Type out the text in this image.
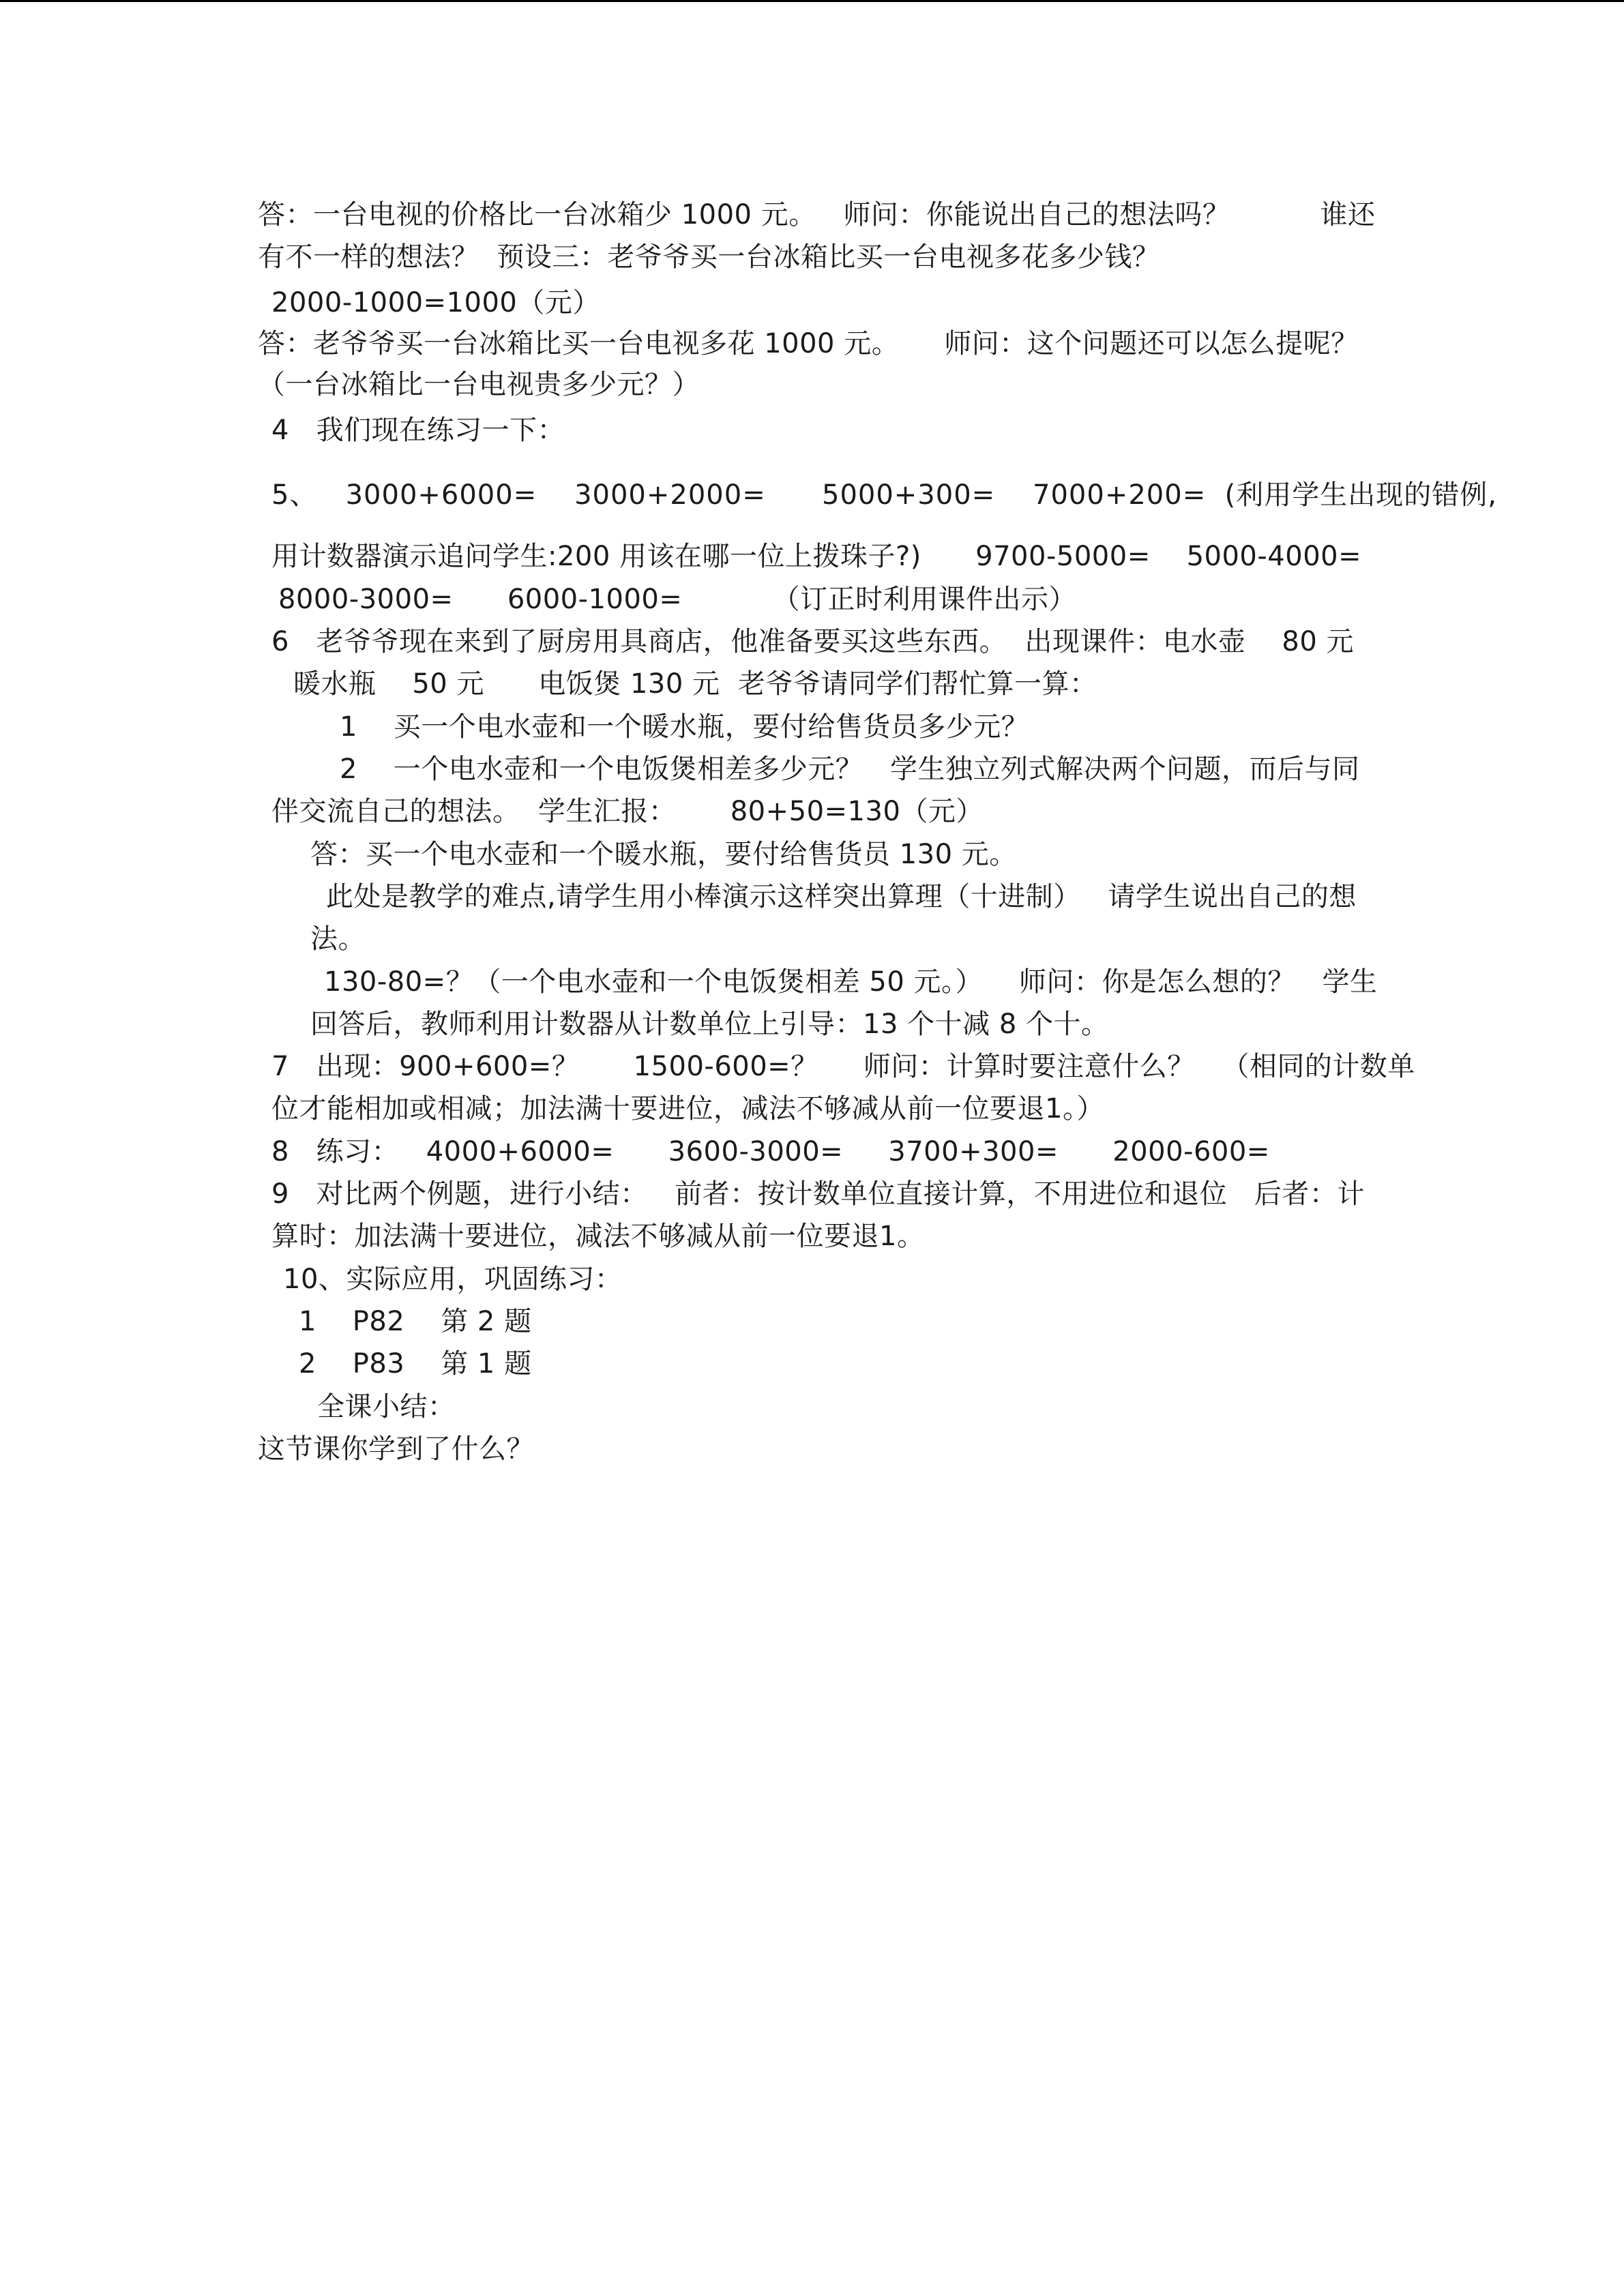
答：一台电视的价格比一台冰箱少 1000 元。   师问：你能说出自己的想法吗？          谁还
有不一样的想法？  预设三：老爷爷买一台冰箱比买一台电视多花多少钱？
2000-1000=1000（元）
答：老爷爷买一台冰箱比买一台电视多花 1000 元。     师问：这个问题还可以怎么提呢？
（一台冰箱比一台电视贵多少元？）
4   我们现在练习一下：
5、   3000+6000=    3000+2000=      5000+300=    7000+200=  (利用学生出现的错例,
用计数器演示追问学生:200 用该在哪一位上拨珠子?)      9700-5000=    5000-4000=
8000-3000=      6000-1000=          （订正时利用课件出示）
6   老爷爷现在来到了厨房用具商店，他准备要买这些东西。  出现课件：电水壶    80 元
暖水瓶    50 元      电饭煲 130 元  老爷爷请同学们帮忙算一算：
1    买一个电水壶和一个暖水瓶，要付给售货员多少元？
2    一个电水壶和一个电饭煲相差多少元？   学生独立列式解决两个问题，而后与同
伴交流自己的想法。  学生汇报：      80+50=130（元）
答：买一个电水壶和一个暖水瓶，要付给售货员 130 元。
此处是教学的难点,请学生用小棒演示这样突出算理（十进制）   请学生说出自己的想
法。
130-80=？（一个电水壶和一个电饭煲相差 50 元。）    师问：你是怎么想的？   学生
回答后，教师利用计数器从计数单位上引导：13 个十减 8 个十。
7   出现：900+600=？      1500-600=？     师问：计算时要注意什么？   （相同的计数单
位才能相加或相减；加法满十要进位，减法不够减从前一位要退1。）
8   练习：   4000+6000=      3600-3000=     3700+300=      2000-600=
9   对比两个例题，进行小结：   前者：按计数单位直接计算，不用进位和退位   后者：计
算时：加法满十要进位，减法不够减从前一位要退1。
10、实际应用，巩固练习：
1    P82    第 2 题
2    P83    第 1 题
全课小结：
这节课你学到了什么？
